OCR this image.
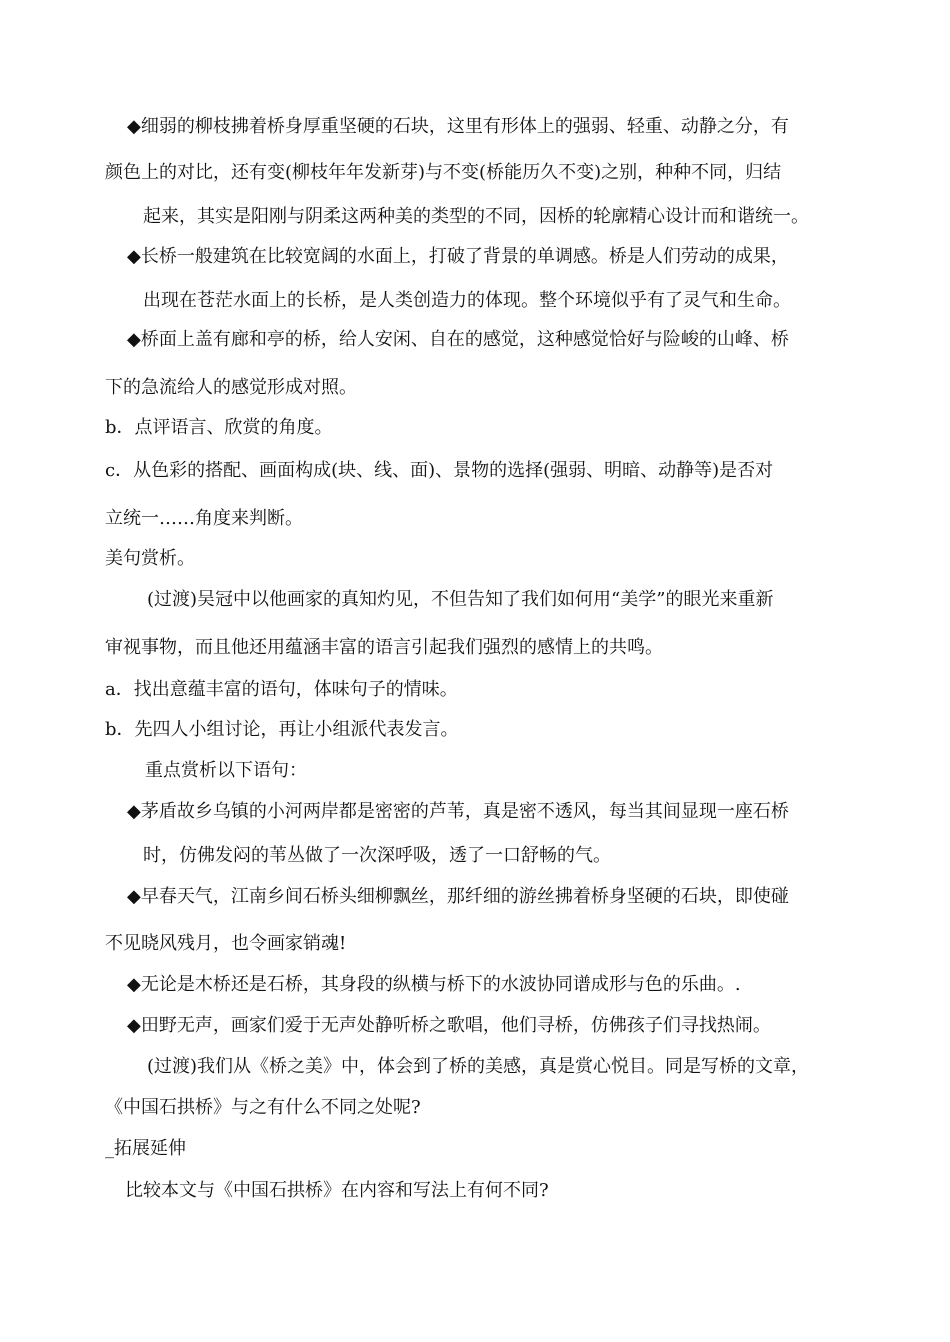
◆细弱的柳枝拂着桥身厚重坚硬的石块，这里有形体上的强弱、轻重、动静之分，有
颜色上的对比，还有变(柳枝年年发新芽)与不变(桥能历久不变)之别，种种不同，归结
起来，其实是阳刚与阴柔这两种美的类型的不同，因桥的轮廓精心设计而和谐统一。
◆长桥一般建筑在比较宽阔的水面上，打破了背景的单调感。桥是人们劳动的成果，
出现在苍茫水面上的长桥，是人类创造力的体现。整个环境似乎有了灵气和生命。
◆桥面上盖有廊和亭的桥，给人安闲、自在的感觉，这种感觉恰好与险峻的山峰、桥
下的急流给人的感觉形成对照。
b．点评语言、欣赏的角度。
c．从色彩的搭配、画面构成(块、线、面)、景物的选择(强弱、明暗、动静等)是否对
立统一……角度来判断。
美句赏析。
(过渡)吴冠中以他画家的真知灼见，不但告知了我们如何用“美学”的眼光来重新
审视事物，而且他还用蕴涵丰富的语言引起我们强烈的感情上的共鸣。
a．找出意蕴丰富的语句，体味句子的情味。
b．先四人小组讨论，再让小组派代表发言。
重点赏析以下语句：
◆茅盾故乡乌镇的小河两岸都是密密的芦苇，真是密不透风，每当其间显现一座石桥
时，仿佛发闷的苇丛做了一次深呼吸，透了一口舒畅的气。
◆早春天气，江南乡间石桥头细柳飘丝，那纤细的游丝拂着桥身坚硬的石块，即使碰
不见晓风残月，也令画家销魂!
◆无论是木桥还是石桥，其身段的纵横与桥下的水波协同谱成形与色的乐曲。.
◆田野无声，画家们爱于无声处静听桥之歌唱，他们寻桥，仿佛孩子们寻找热闹。
(过渡)我们从《桥之美》中，体会到了桥的美感，真是赏心悦目。同是写桥的文章，
《中国石拱桥》与之有什么不同之处呢?
_拓展延伸
比较本文与《中国石拱桥》在内容和写法上有何不同?
